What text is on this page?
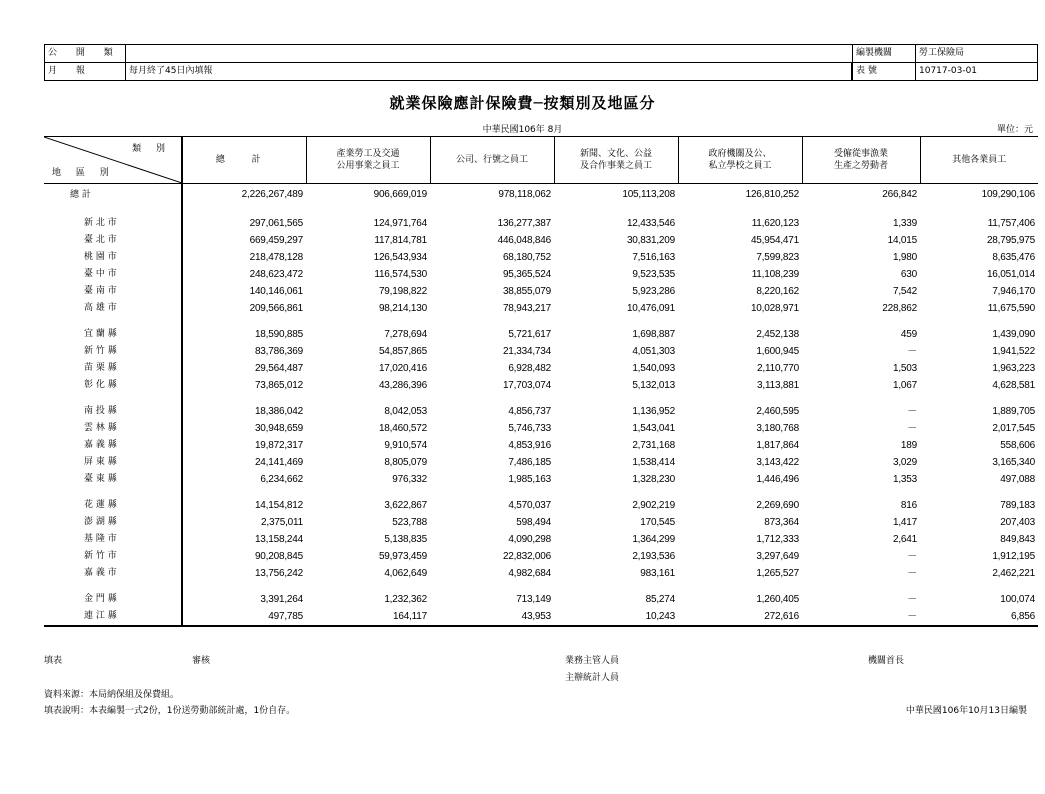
公 開 類	
月 報	每月終了45日內填報
編製機關	勞工保險局
表 號	10717-03-01
就業保險應計保險費─按類別及地區分
中華民國106年 8月	單位：元
類 別
地 區 別	總 計	產業勞工及交通
公用事業之員工	公司、行號之員工	新聞、文化、公益
及合作事業之員工	政府機關及公、
私立學校之員工	受僱從事漁業
生產之勞動者	其他各業員工
總 計	2,226,267,489	906,669,019	978,118,062	105,113,208	126,810,252	266,842	109,290,106

新 北 市	297,061,565	124,971,764	136,277,387	12,433,546	11,620,123	1,339	11,757,406
臺 北 市	669,459,297	117,814,781	446,048,846	30,831,209	45,954,471	14,015	28,795,975
桃 園 市	218,478,128	126,543,934	68,180,752	7,516,163	7,599,823	1,980	8,635,476
臺 中 市	248,623,472	116,574,530	95,365,524	9,523,535	11,108,239	630	16,051,014
臺 南 市	140,146,061	79,198,822	38,855,079	5,923,286	8,220,162	7,542	7,946,170
高 雄 市	209,566,861	98,214,130	78,943,217	10,476,091	10,028,971	228,862	11,675,590

宜 蘭 縣	18,590,885	7,278,694	5,721,617	1,698,887	2,452,138	459	1,439,090
新 竹 縣	83,786,369	54,857,865	21,334,734	4,051,303	1,600,945	－	1,941,522
苗 栗 縣	29,564,487	17,020,416	6,928,482	1,540,093	2,110,770	1,503	1,963,223
彰 化 縣	73,865,012	43,286,396	17,703,074	5,132,013	3,113,881	1,067	4,628,581

南 投 縣	18,386,042	8,042,053	4,856,737	1,136,952	2,460,595	－	1,889,705
雲 林 縣	30,948,659	18,460,572	5,746,733	1,543,041	3,180,768	－	2,017,545
嘉 義 縣	19,872,317	9,910,574	4,853,916	2,731,168	1,817,864	189	558,606
屏 東 縣	24,141,469	8,805,079	7,486,185	1,538,414	3,143,422	3,029	3,165,340
臺 東 縣	6,234,662	976,332	1,985,163	1,328,230	1,446,496	1,353	497,088

花 蓮 縣	14,154,812	3,622,867	4,570,037	2,902,219	2,269,690	816	789,183
澎 湖 縣	2,375,011	523,788	598,494	170,545	873,364	1,417	207,403
基 隆 市	13,158,244	5,138,835	4,090,298	1,364,299	1,712,333	2,641	849,843
新 竹 市	90,208,845	59,973,459	22,832,006	2,193,536	3,297,649	－	1,912,195
嘉 義 市	13,756,242	4,062,649	4,982,684	983,161	1,265,527	－	2,462,221

金 門 縣	3,391,264	1,232,362	713,149	85,274	1,260,405	－	100,074
連 江 縣	497,785	164,117	43,953	10,243	272,616	－	6,856
填表	審核	業務主管人員
主辦統計人員
機關首長
資料來源：本局納保組及保費組。
填表說明：本表編製一式2份，1份送勞動部統計處，1份自存。	中華民國106年10月13日編製
